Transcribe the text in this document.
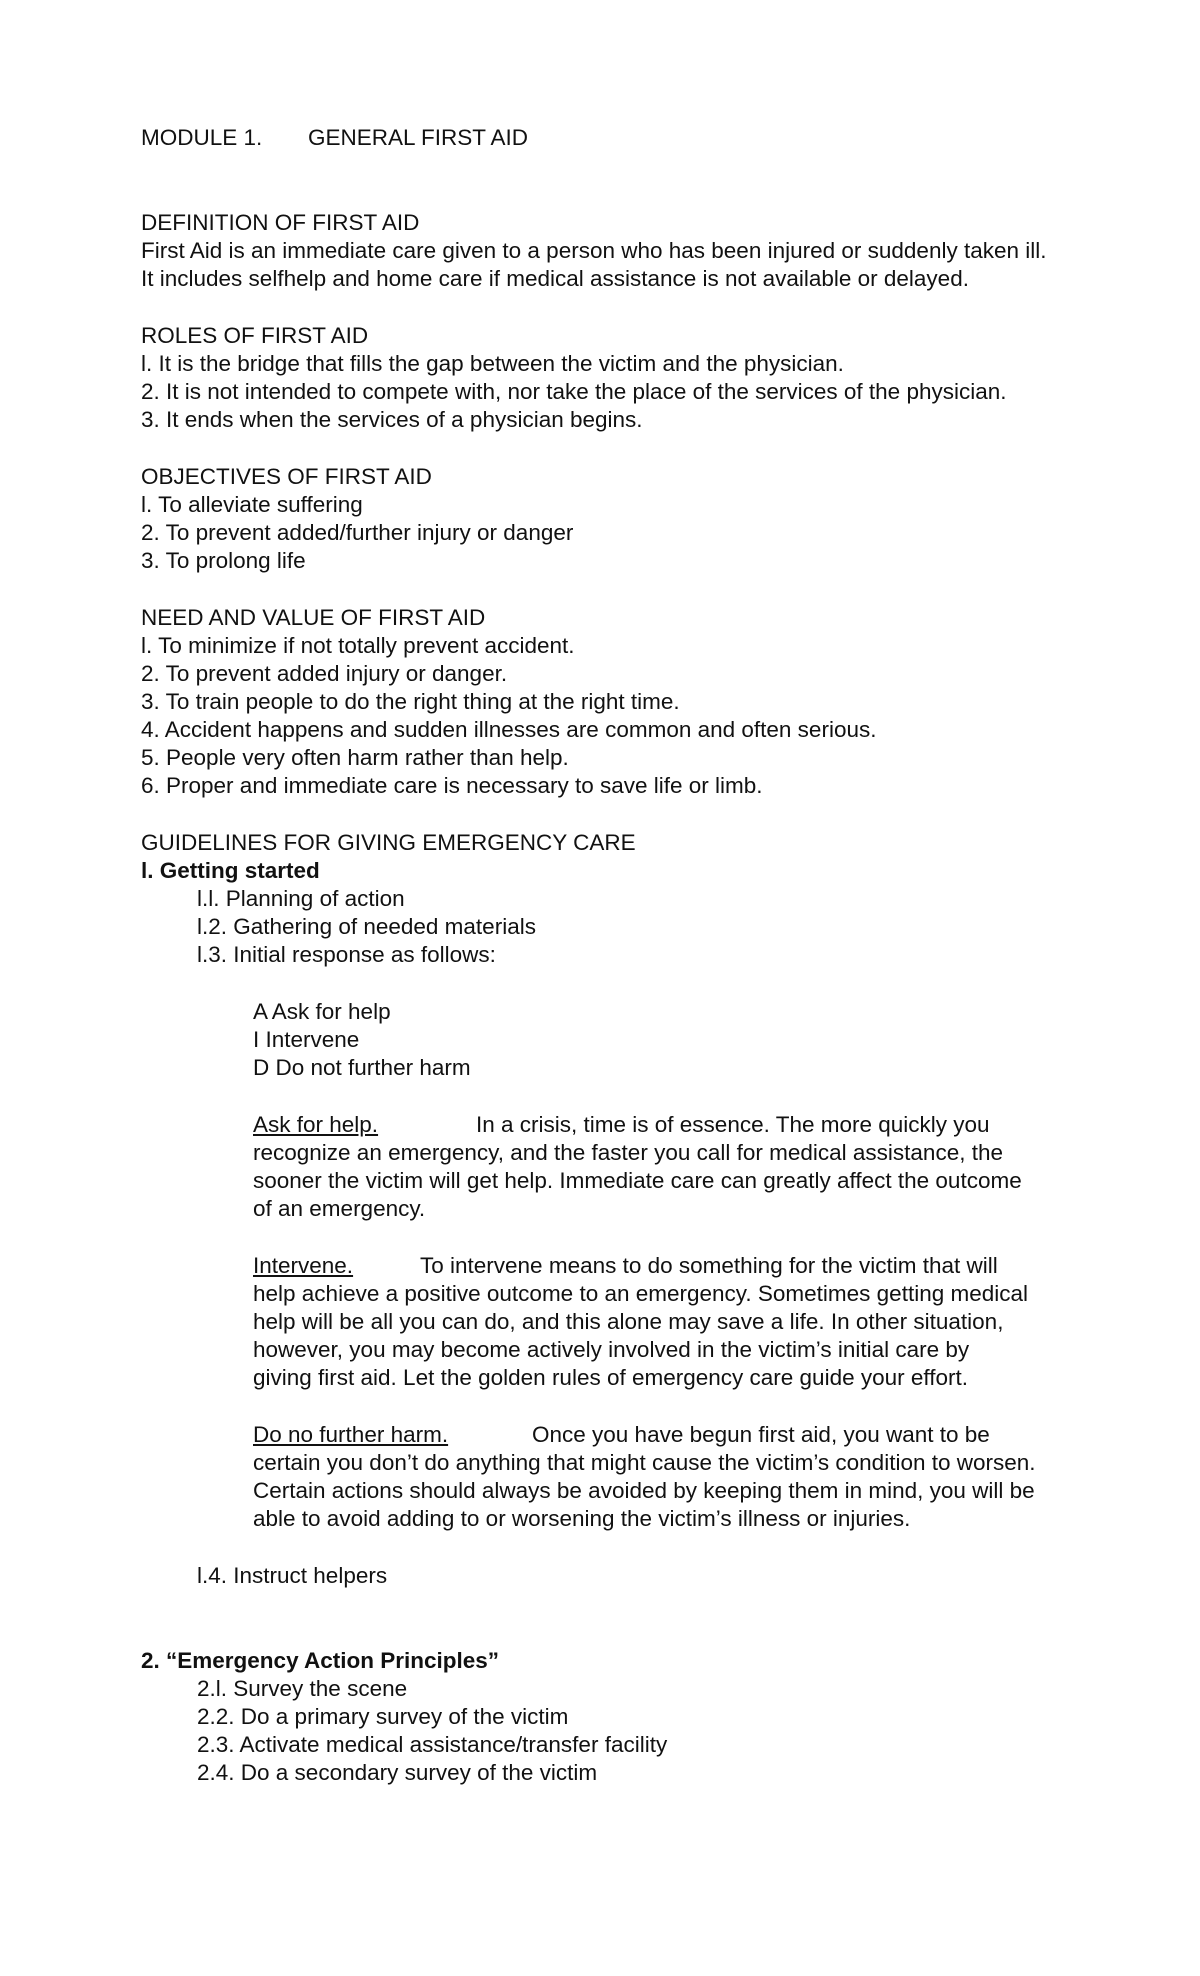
MODULE 1. GENERAL FIRST AID

DEFINITION OF FIRST AID

First Aid is an immediate care given to a person who has been injured or suddenly taken ill.

It includes selfhelp and home care if medical assistance is not available or delayed.

ROLES OF FIRST AID

l. It is the bridge that fills the gap between the victim and the physician.

2. It is not intended to compete with, nor take the place of the services of the physician.

3. It ends when the services of a physician begins.

OBJECTIVES OF FIRST AID

l. To alleviate suffering

2. To prevent added/further injury or danger

3. To prolong life

NEED AND VALUE OF FIRST AID

l. To minimize if not totally prevent accident.

2. To prevent added injury or danger.

3. To train people to do the right thing at the right time.

4. Accident happens and sudden illnesses are common and often serious.

5. People very often harm rather than help.

6. Proper and immediate care is necessary to save life or limb.

GUIDELINES FOR GIVING EMERGENCY CARE

l. Getting started

l.l. Planning of action

l.2. Gathering of needed materials

l.3. Initial response as follows:

A Ask for help

I Intervene

D Do not further harm

Ask for help.	In a crisis, time is of essence. The more quickly you

recognize an emergency, and the faster you call for medical assistance, the

sooner the victim will get help. Immediate care can greatly affect the outcome

of an emergency.

Intervene.	To intervene means to do something for the victim that will

help achieve a positive outcome to an emergency. Sometimes getting medical

help will be all you can do, and this alone may save a life. In other situation,

however, you may become actively involved in the victim’s initial care by

giving first aid. Let the golden rules of emergency care guide your effort.

Do no further harm.	Once you have begun first aid, you want to be

certain you don’t do anything that might cause the victim’s condition to worsen.

Certain actions should always be avoided by keeping them in mind, you will be

able to avoid adding to or worsening the victim’s illness or injuries.

l.4. Instruct helpers

2. “Emergency Action Principles”

2.l. Survey the scene

2.2. Do a primary survey of the victim

2.3. Activate medical assistance/transfer facility

2.4. Do a secondary survey of the victim
